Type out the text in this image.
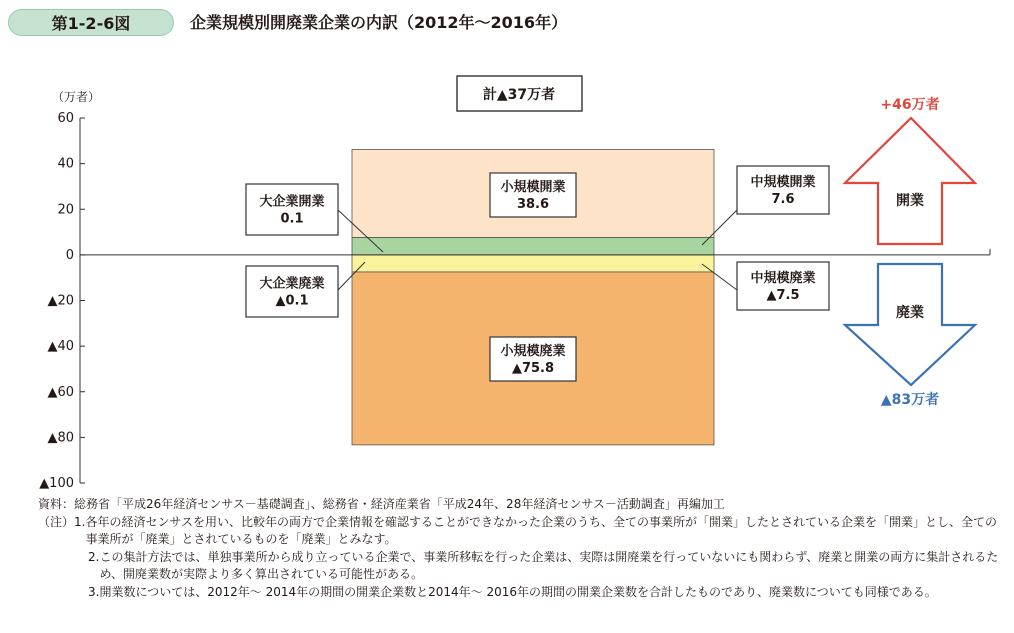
第1-2-6図	企業規模別開廃業企業の内訳（2012年～2016年）
（万者）
60
40
20
0
▲20
▲40
▲60
▲80
▲100
計▲37万者
小規模開業
38.6
小規模廃業
▲75.8
大企業開業
0.1
大企業廃業
▲0.1
中規模開業
7.6
中規模廃業
▲7.5
開業
+46万者
廃業
▲83万者
資料：総務省「平成26年経済センサス－基礎調査」、総務省・経済産業省「平成24年、28年経済センサス－活動調査」再編加工
（注）1. 各年の経済センサスを用い、比較年の両方で企業情報を確認することができなかった企業のうち、全ての事業所が「開業」したとされている企業を「開業」とし、全ての事業所が「廃業」とされているものを「廃業」とみなす。
2. この集計方法では、単独事業所から成り立っている企業で、事業所移転を行った企業は、実際は開廃業を行っていないにも関わらず、廃業と開業の両方に集計されるため、開廃業数が実際より多く算出されている可能性がある。
3. 開業数については、2012年～ 2014年の期間の開業企業数と2014年～ 2016年の期間の開業企業数を合計したものであり、廃業数についても同様である。
